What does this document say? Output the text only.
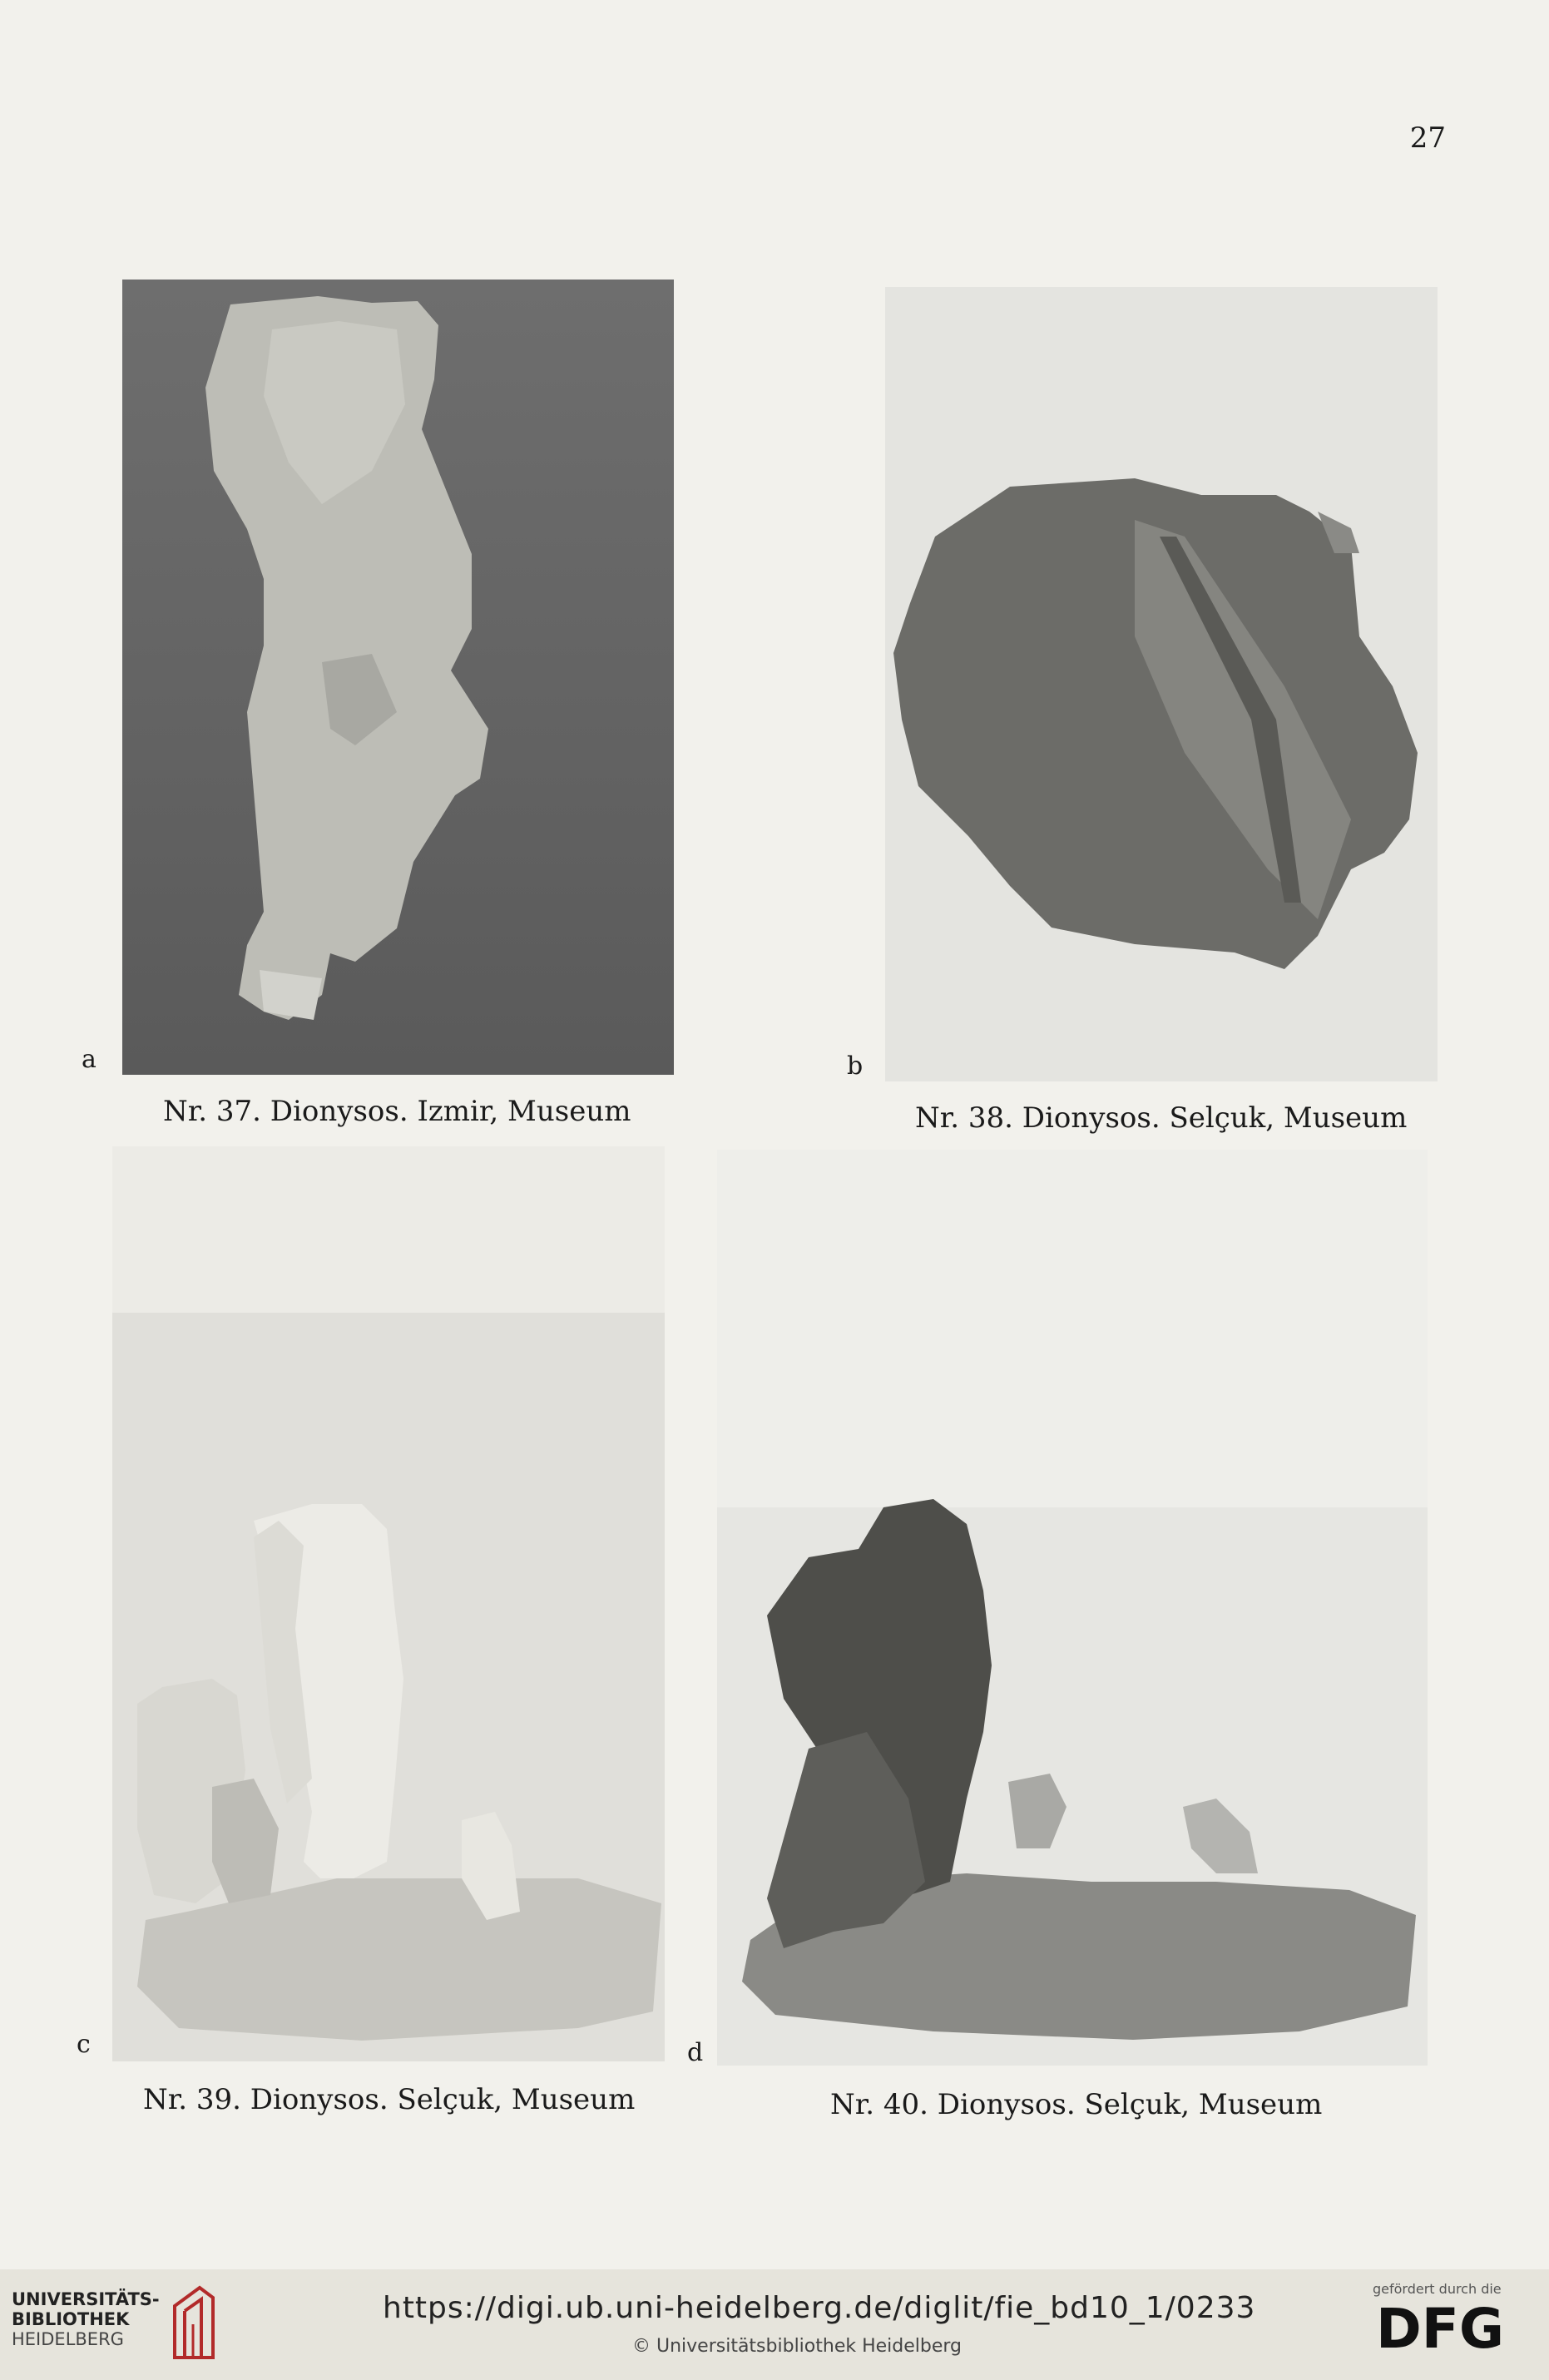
27
a
Nr. 37. Dionysos. Izmir, Museum
b
Nr. 38. Dionysos. Selçuk, Museum
c
Nr. 39. Dionysos. Selçuk, Museum
d
Nr. 40. Dionysos. Selçuk, Museum
UNIVERSITÄTS-
BIBLIOTHEK
HEIDELBERG
https://digi.ub.uni-heidelberg.de/diglit/fie_bd10_1/0233
© Universitätsbibliothek Heidelberg
gefördert durch die
DFG
